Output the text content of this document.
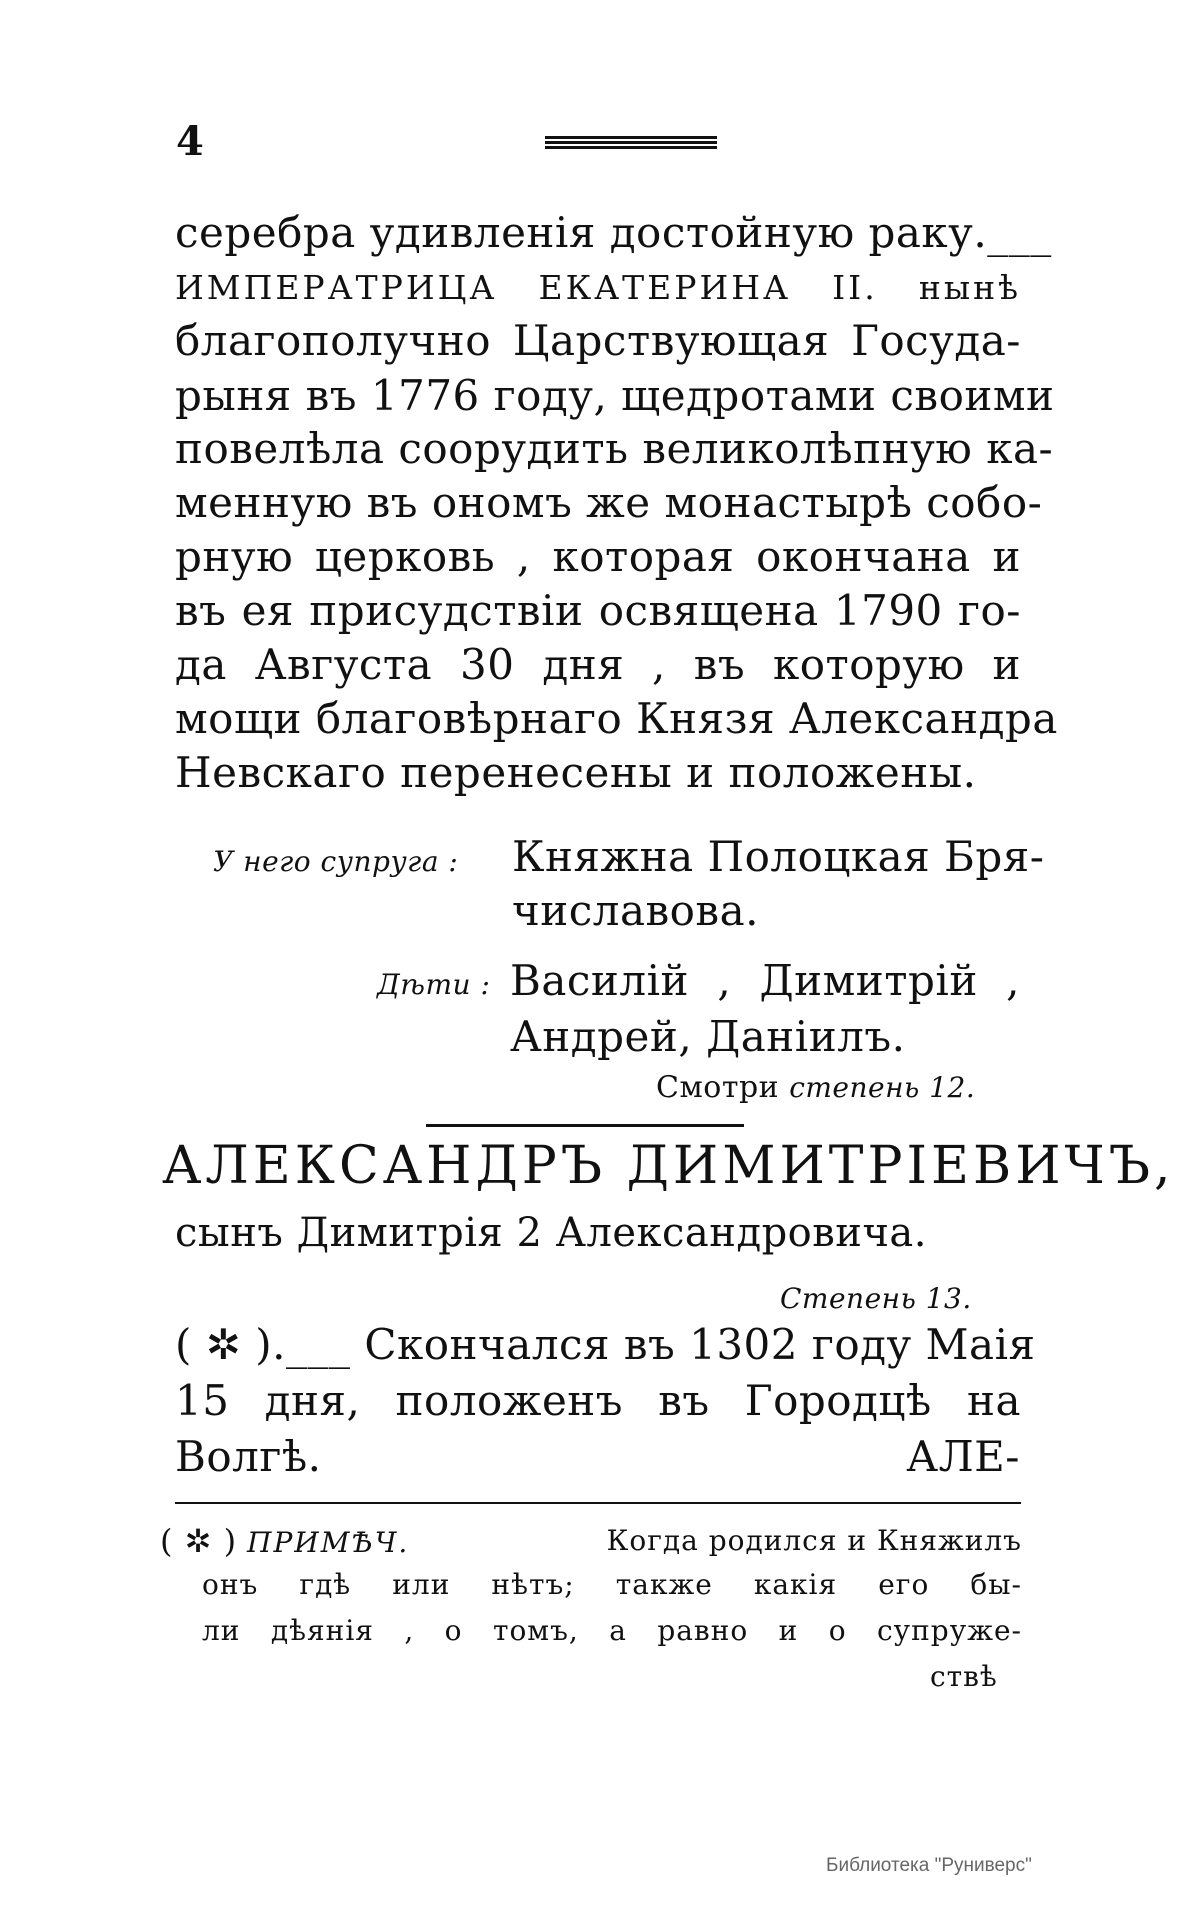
4
серебра удивленія достойную раку.___
ИМПЕРАТРИЦА ЕКАТЕРИНА II. нынѣ
благополучно Царствующая Госуда-
рыня въ 1776 году, щедротами своими
повелѣла соорудить великолѣпную ка-
менную въ ономъ же монастырѣ собо-
рную церковь , которая окончана и
въ ея присудствіи освящена 1790 го-
да Августа 30 дня , въ которую и
мощи благовѣрнаго Князя Александра
Невскаго перенесены и положены.
У него супруга : Княжна Полоцкая Бря-
числавова.
Дѣти : Василій , Димитрій ,
Андрей, Даніилъ.
Смотри степень 12.
АЛЕКСАНДРЪ ДИМИТРІЕВИЧЪ,
сынъ Димитрія 2 Александровича.
Степень 13.
( ✲ ).___ Скончался въ 1302 году Маія
15 дня, положенъ въ Городцѣ на
Волгѣ.	АЛЕ-
( ✲ ) ПРИМѢЧ.	Когда родился и Княжилъ
онъ гдѣ или нѣтъ; также какія его бы-
ли дѣянія , о томъ, а равно и о супруже-
ствѣ
Библиотека "Руниверс"
